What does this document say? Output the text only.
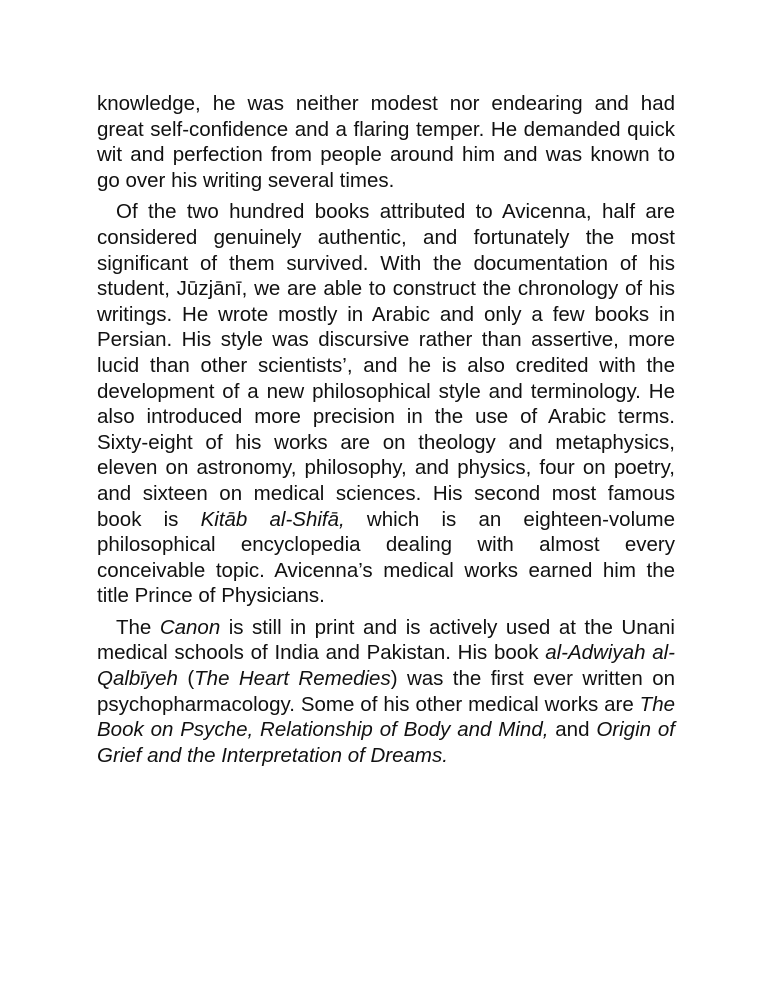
knowledge, he was neither modest nor endearing and had great self-confidence and a flaring temper. He demanded quick wit and perfection from people around him and was known to go over his writing several times.

Of the two hundred books attributed to Avicenna, half are considered genuinely authentic, and fortunately the most significant of them survived. With the documentation of his student, Jūzjānī, we are able to construct the chronology of his writings. He wrote mostly in Arabic and only a few books in Persian. His style was discursive rather than assertive, more lucid than other scientists’, and he is also credited with the development of a new philosophical style and terminology. He also introduced more precision in the use of Arabic terms. Sixty-eight of his works are on theology and metaphysics, eleven on astronomy, philosophy, and physics, four on poetry, and sixteen on medical sciences. His second most famous book is Kitāb al-Shifā, which is an eighteen-volume philosophical encyclopedia dealing with almost every conceivable topic. Avicenna’s medical works earned him the title Prince of Physicians.

The Canon is still in print and is actively used at the Unani medical schools of India and Pakistan. His book al-Adwiyah al-Qalbīyeh (The Heart Remedies) was the first ever written on psychopharmacology. Some of his other medical works are The Book on Psyche, Relationship of Body and Mind, and Origin of Grief and the Interpretation of Dreams.
